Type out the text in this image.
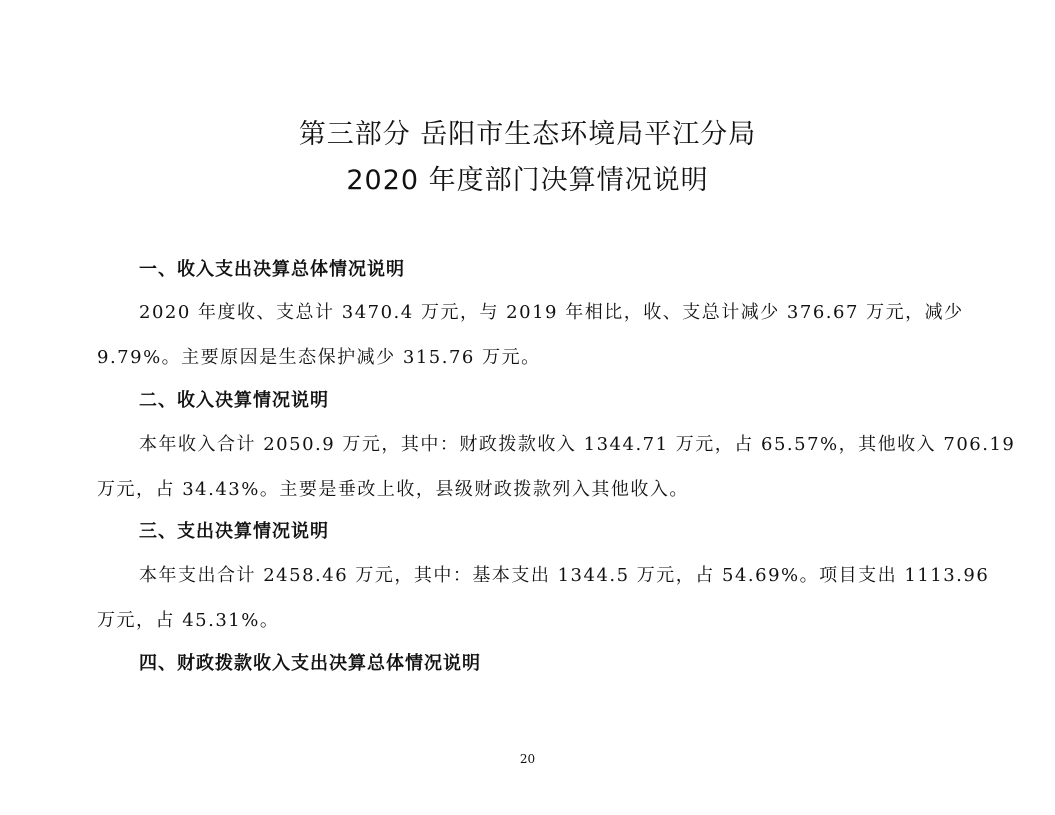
第三部分 岳阳市生态环境局平江分局
2020 年度部门决算情况说明
一、收入支出决算总体情况说明

2020 年度收、支总计 3470.4 万元，与 2019 年相比，收、支总计减少 376.67 万元，减少

9.79%。主要原因是生态保护减少 315.76 万元。

二、收入决算情况说明

本年收入合计 2050.9 万元，其中：财政拨款收入 1344.71 万元，占 65.57%，其他收入 706.19

万元，占 34.43%。主要是垂改上收，县级财政拨款列入其他收入。

三、支出决算情况说明

本年支出合计 2458.46 万元，其中：基本支出 1344.5 万元，占 54.69%。项目支出 1113.96

万元，占 45.31%。

四、财政拨款收入支出决算总体情况说明
20
